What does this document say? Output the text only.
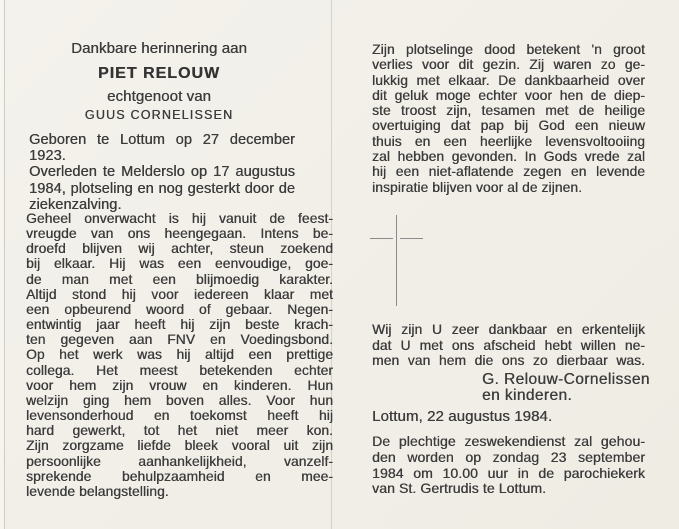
Dankbare herinnering aan
PIET RELOUW
echtgenoot van
GUUS CORNELISSEN
Geboren te Lottum op 27 december 1923.
Overleden te Melderslo op 17 augustus
1984, plotseling en nog gesterkt door de
ziekenzalving.
Geheel onverwacht is hij vanuit de feest-
vreugde van ons heengegaan. Intens be-
droefd blijven wij achter, steun zoekend
bij elkaar. Hij was een eenvoudige, goe-
de man met een blijmoedig karakter.
Altijd stond hij voor iedereen klaar met
een opbeurend woord of gebaar. Negen-
entwintig jaar heeft hij zijn beste krach-
ten gegeven aan FNV en Voedingsbond.
Op het werk was hij altijd een prettige
collega. Het meest betekenden echter
voor hem zijn vrouw en kinderen. Hun
welzijn ging hem boven alles. Voor hun
levensonderhoud en toekomst heeft hij
hard gewerkt, tot het niet meer kon.
Zijn zorgzame liefde bleek vooral uit zijn
persoonlijke aanhankelijkheid, vanzelf-
sprekende behulpzaamheid en mee-
levende belangstelling.
Zijn plotselinge dood betekent 'n groot
verlies voor dit gezin. Zij waren zo ge-
lukkig met elkaar. De dankbaarheid over
dit geluk moge echter voor hen de diep-
ste troost zijn, tesamen met de heilige
overtuiging dat pap bij God een nieuw
thuis en een heerlijke levensvoltooiing
zal hebben gevonden. In Gods vrede zal
hij een niet-aflatende zegen en levende
inspiratie blijven voor al de zijnen.
Wij zijn U zeer dankbaar en erkentelijk
dat U met ons afscheid hebt willen ne-
men van hem die ons zo dierbaar was.
G. Relouw-Cornelissen
en kinderen.
Lottum, 22 augustus 1984.
De plechtige zeswekendienst zal gehou-
den worden op zondag 23 september
1984 om 10.00 uur in de parochiekerk
van St. Gertrudis te Lottum.
